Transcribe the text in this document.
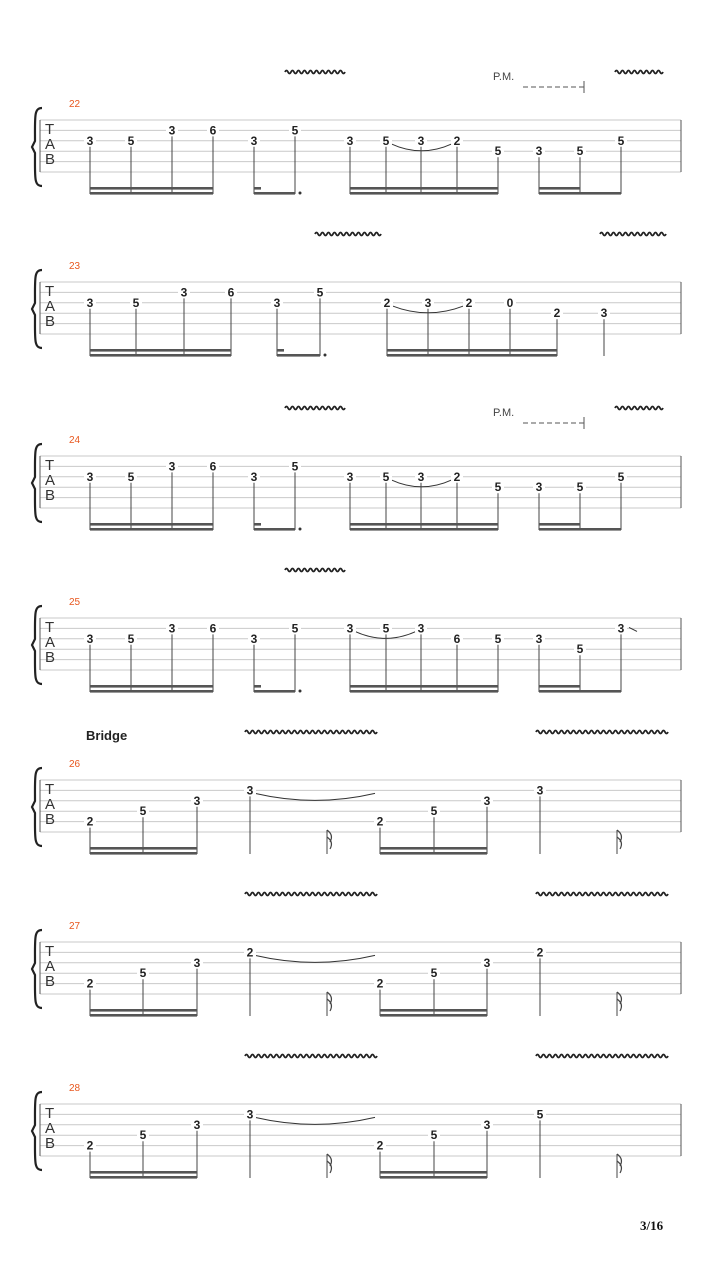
T
A
B
22
P.M.
3	5
3	6
3
5
3 5 3 2
5	3	5
5
T
A
B
23
3	5
3	6
3
5
2	3	2	0
2	3
T
A
B
24
P.M.
3	5
3	6
3
5
3 5 3 2
5	3	5
5
T
A
B
25
3	5
3	6
3
5	3 5 3
6	5	3
5
3
T
A
B
26
Bridge
2
5
3
3
2
5
3
3
T
A
B
27
2
5
3
2
2
5
3
2
T
A
B
28
2
5
3
3
2
5
3
5
3/16
